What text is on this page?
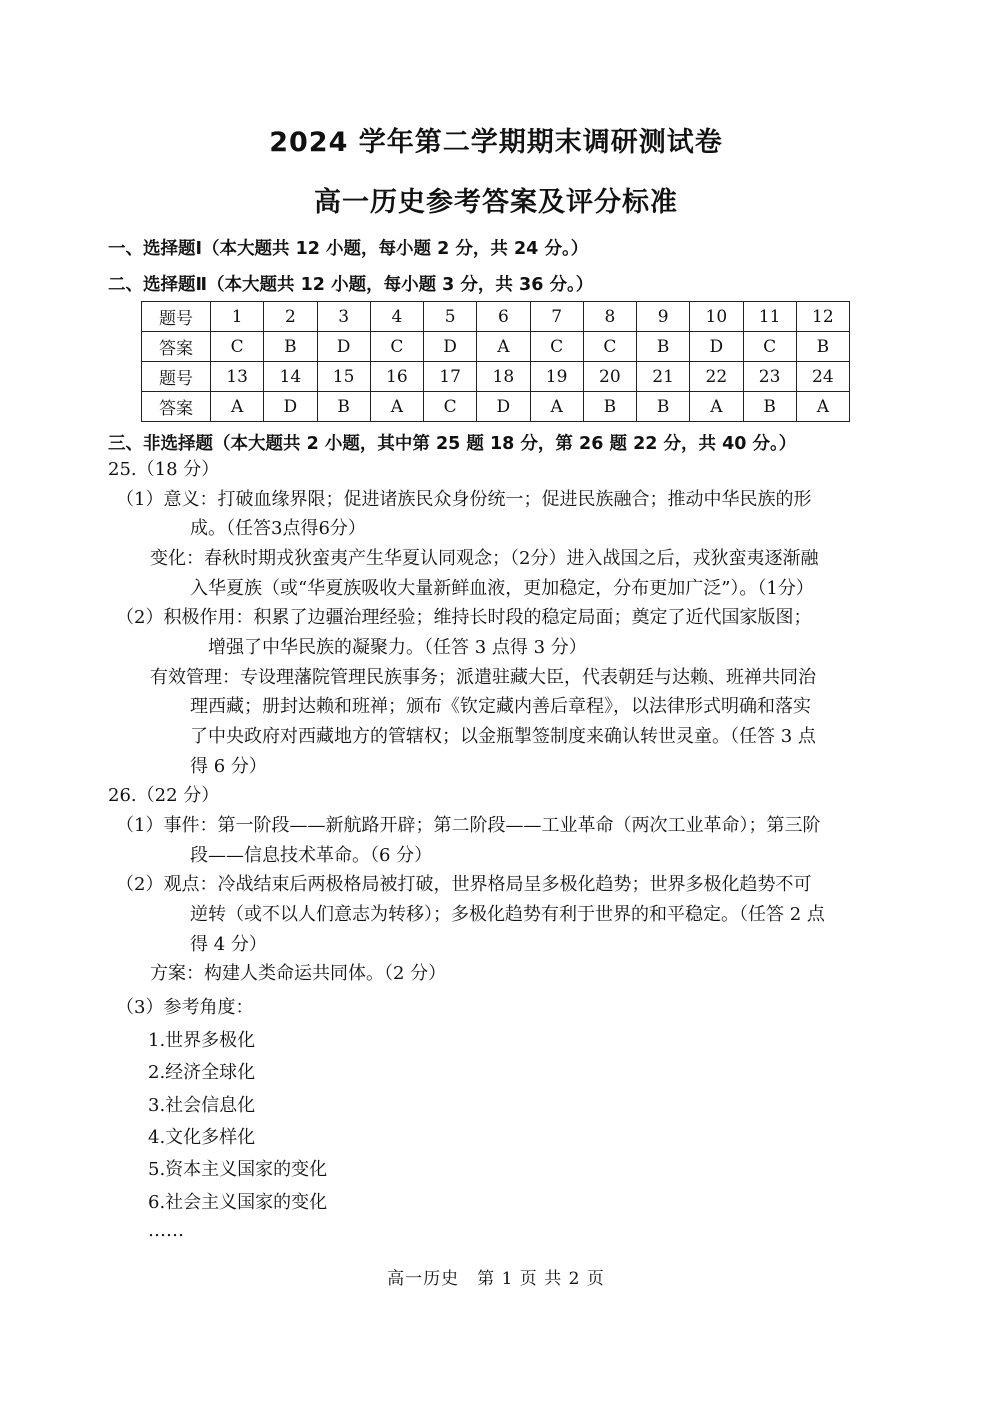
2024 学年第二学期期末调研测试卷
高一历史参考答案及评分标准
一、选择题Ⅰ（本大题共 12 小题，每小题 2 分，共 24 分。）
二、选择题Ⅱ（本大题共 12 小题，每小题 3 分，共 36 分。）
题号	1	2	3	4	5	6	7	8	9	10	11	12
答案	C	B	D	C	D	A	C	C	B	D	C	B
题号	13	14	15	16	17	18	19	20	21	22	23	24
答案	A	D	B	A	C	D	A	B	B	A	B	A
三、非选择题（本大题共 2 小题，其中第 25 题 18 分，第 26 题 22 分，共 40 分。）
25.（18 分）
（1）意义：打破血缘界限；促进诸族民众身份统一；促进民族融合；推动中华民族的形
成。（任答3点得6分）
变化：春秋时期戎狄蛮夷产生华夏认同观念；（2分）进入战国之后，戎狄蛮夷逐渐融
入华夏族（或“华夏族吸收大量新鲜血液，更加稳定，分布更加广泛”）。（1分）
（2）积极作用：积累了边疆治理经验；维持长时段的稳定局面；奠定了近代国家版图；
增强了中华民族的凝聚力。（任答 3 点得 3 分）
有效管理：专设理藩院管理民族事务；派遣驻藏大臣，代表朝廷与达赖、班禅共同治
理西藏；册封达赖和班禅；颁布《钦定藏内善后章程》，以法律形式明确和落实
了中央政府对西藏地方的管辖权；以金瓶掣签制度来确认转世灵童。（任答 3 点
得 6 分）
26.（22 分）
（1）事件：第一阶段——新航路开辟；第二阶段——工业革命（两次工业革命）；第三阶
段——信息技术革命。（6 分）
（2）观点：冷战结束后两极格局被打破，世界格局呈多极化趋势；世界多极化趋势不可
逆转（或不以人们意志为转移）；多极化趋势有利于世界的和平稳定。（任答 2 点
得 4 分）
方案：构建人类命运共同体。（2 分）
（3）参考角度：
1.世界多极化
2.经济全球化
3.社会信息化
4.文化多样化
5.资本主义国家的变化
6.社会主义国家的变化
……
高一历史　第 1 页 共 2 页
